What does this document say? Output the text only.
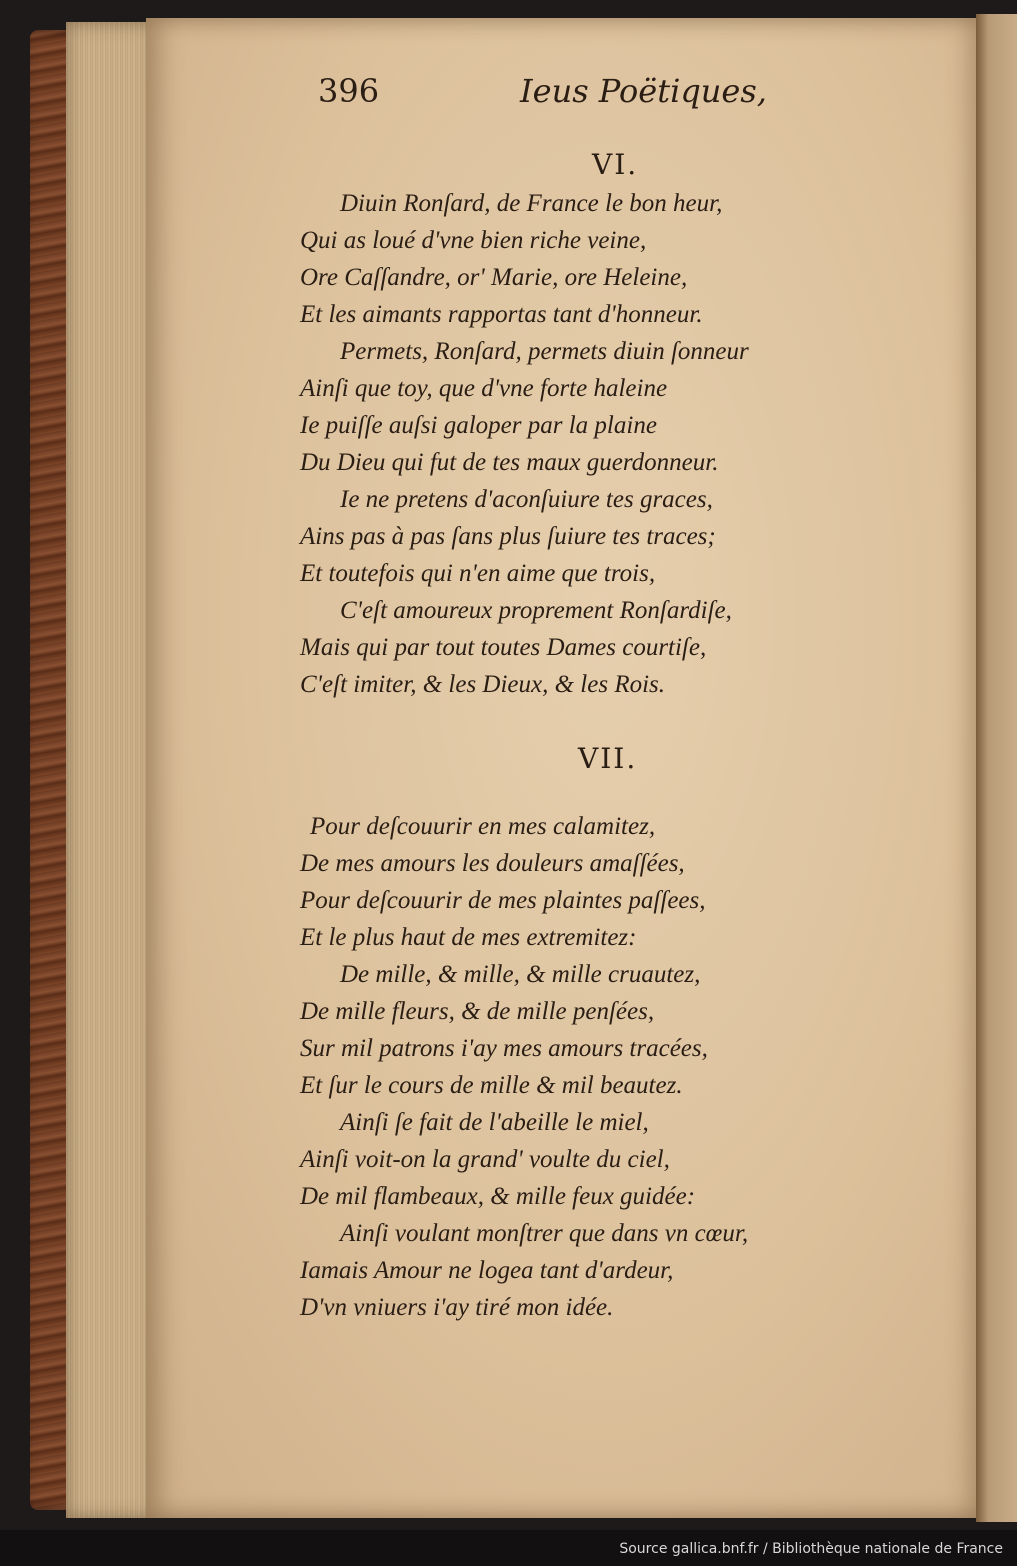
396	Ieus Poëtiques,
VI.
Diuin Ronſard, de France le bon heur,
Qui as loué d'vne bien riche veine,
Ore Caſſandre, or' Marie, ore Heleine,
Et les aimants rapportas tant d'honneur.
Permets, Ronſard, permets diuin ſonneur
Ainſi que toy, que d'vne forte haleine
Ie puiſſe auſsi galoper par la plaine
Du Dieu qui fut de tes maux guerdonneur.
Ie ne pretens d'aconſuiure tes graces,
Ains pas à pas ſans plus ſuiure tes traces;
Et toutefois qui n'en aime que trois,
C'eſt amoureux proprement Ronſardiſe,
Mais qui par tout toutes Dames courtiſe,
C'eſt imiter, & les Dieux, & les Rois.
VII.
Pour deſcouurir en mes calamitez,
De mes amours les douleurs amaſſées,
Pour deſcouurir de mes plaintes paſſees,
Et le plus haut de mes extremitez:
De mille, & mille, & mille cruautez,
De mille fleurs, & de mille penſées,
Sur mil patrons i'ay mes amours tracées,
Et ſur le cours de mille & mil beautez.
Ainſi ſe fait de l'abeille le miel,
Ainſi voit-on la grand' voulte du ciel,
De mil flambeaux, & mille feux guidée:
Ainſi voulant monſtrer que dans vn cœur,
Iamais Amour ne logea tant d'ardeur,
D'vn vniuers i'ay tiré mon idée.
Source gallica.bnf.fr / Bibliothèque nationale de France
